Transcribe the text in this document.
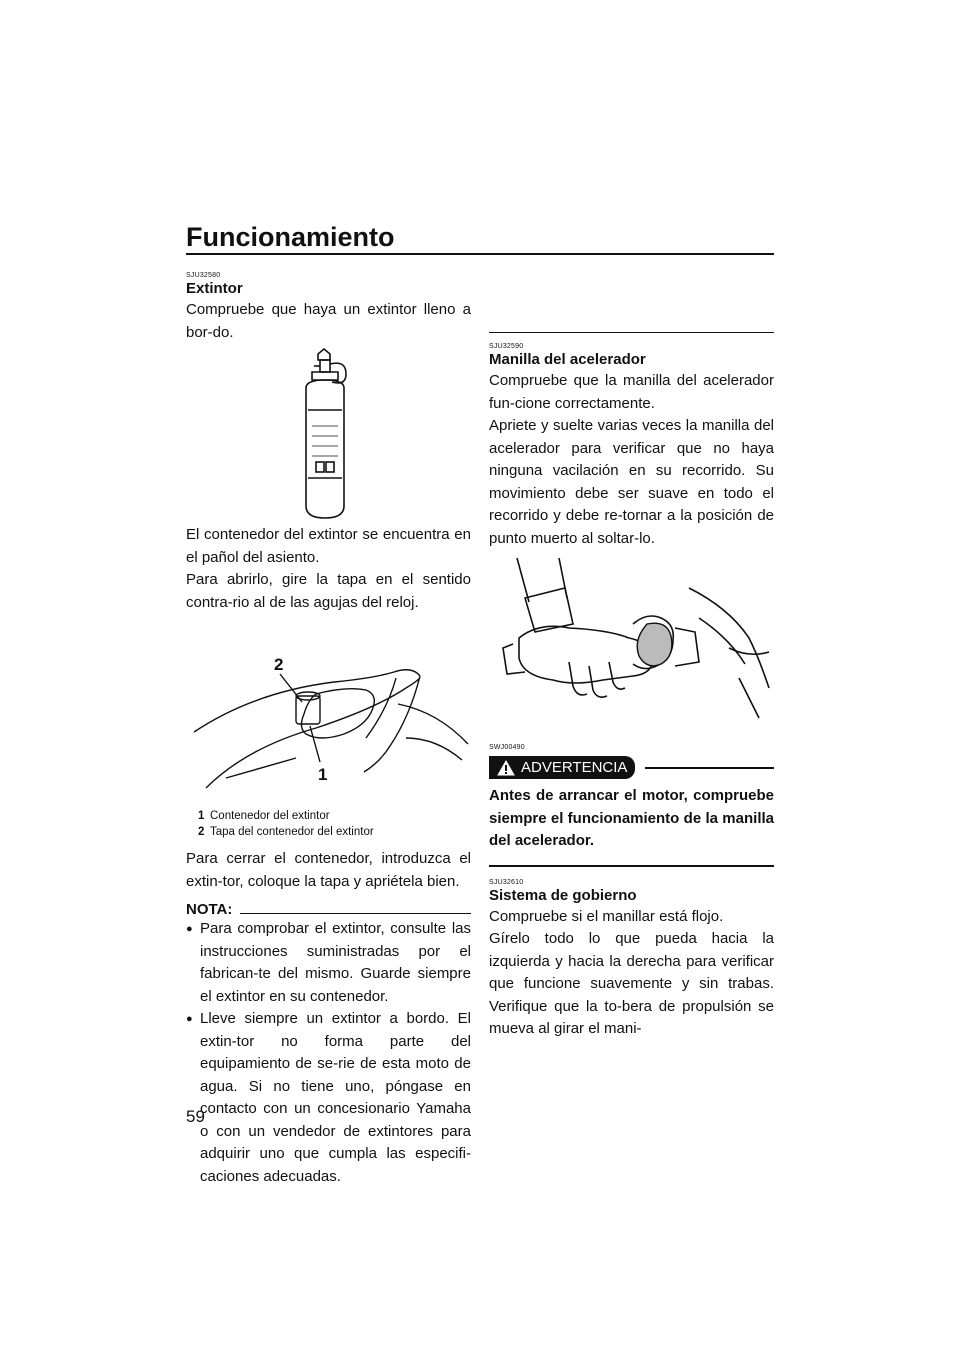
Funcionamiento

SJU32580

Extintor

Compruebe que haya un extintor lleno a bor-do.

El contenedor del extintor se encuentra en el pañol del asiento.

Para abrirlo, gire la tapa en el sentido contra-rio al de las agujas del reloj.

2
1

1 Contenedor del extintor

2 Tapa del contenedor del extintor

Para cerrar el contenedor, introduzca el extin-tor, coloque la tapa y apriétela bien.

NOTA:
● Para comprobar el extintor, consulte las instrucciones suministradas por el fabrican-te del mismo. Guarde siempre el extintor en su contenedor.
● Lleve siempre un extintor a bordo. El extin-tor no forma parte del equipamiento de se-rie de esta moto de agua. Si no tiene uno, póngase en contacto con un concesionario Yamaha o con un vendedor de extintores para adquirir uno que cumpla las especifi-caciones adecuadas.

SJU32590

Manilla del acelerador

Compruebe que la manilla del acelerador fun-cione correctamente.

Apriete y suelte varias veces la manilla del acelerador para verificar que no haya ninguna vacilación en su recorrido. Su movimiento debe ser suave en todo el recorrido y debe re-tornar a la posición de punto muerto al soltar-lo.

SWJ00490

ADVERTENCIA

Antes de arrancar el motor, compruebe siempre el funcionamiento de la manilla del acelerador.

SJU32610

Sistema de gobierno

Compruebe si el manillar está flojo.

Gírelo todo lo que pueda hacia la izquierda y hacia la derecha para verificar que funcione suavemente y sin trabas. Verifique que la to-bera de propulsión se mueva al girar el mani-

59
